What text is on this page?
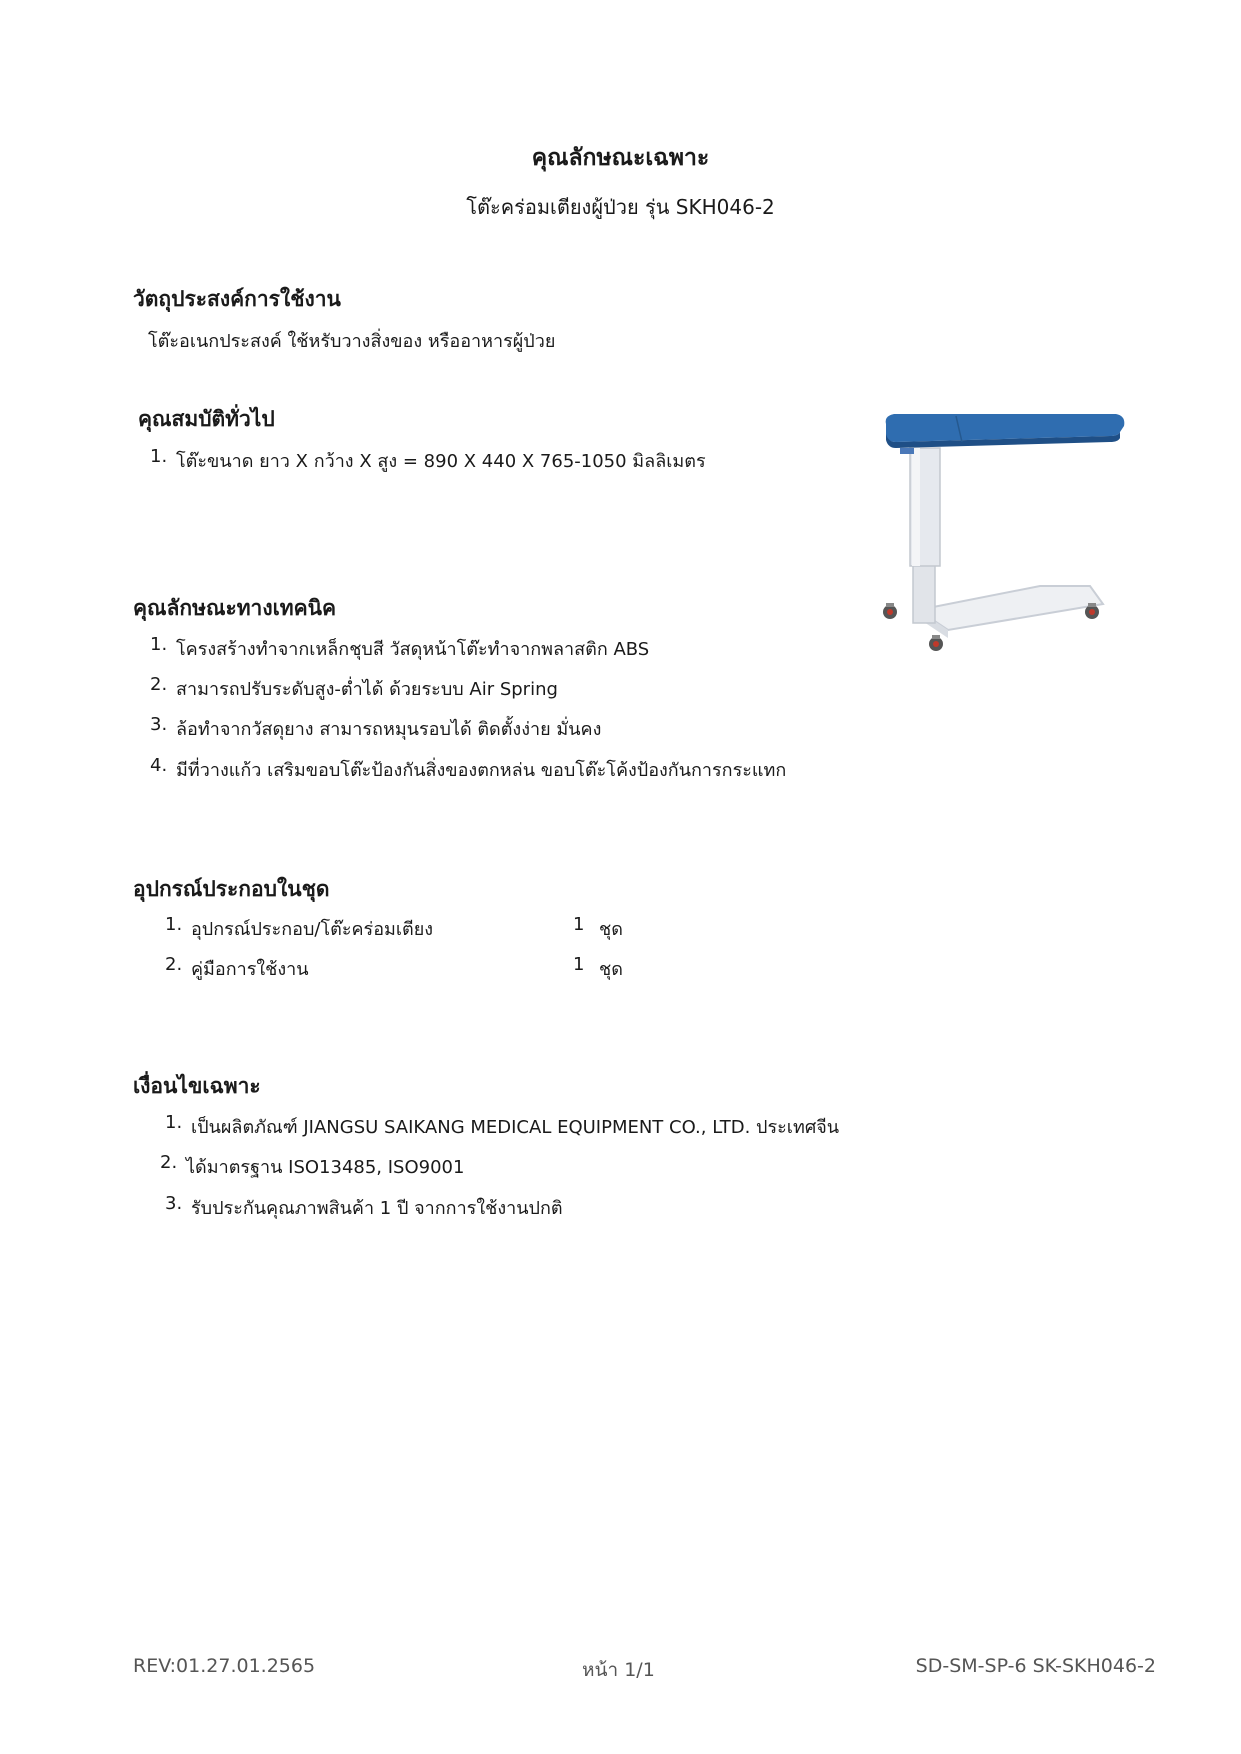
คุณลักษณะเฉพาะ
โต๊ะคร่อมเตียงผู้ป่วย รุ่น SKH046-2
วัตถุประสงค์การใช้งาน
โต๊ะอเนกประสงค์ ใช้หรับวางสิ่งของ หรืออาหารผู้ป่วย
คุณสมบัติทั่วไป
1. โต๊ะขนาด ยาว X กว้าง X สูง = 890 X 440 X 765-1050 มิลลิเมตร
คุณลักษณะทางเทคนิค
1. โครงสร้างทำจากเหล็กชุบสี วัสดุหน้าโต๊ะทำจากพลาสติก ABS
2. สามารถปรับระดับสูง-ต่ำได้ ด้วยระบบ Air Spring
3. ล้อทำจากวัสดุยาง สามารถหมุนรอบได้ ติดตั้งง่าย มั่นคง
4. มีที่วางแก้ว เสริมขอบโต๊ะป้องกันสิ่งของตกหล่น ขอบโต๊ะโค้งป้องกันการกระแทก
อุปกรณ์ประกอบในชุด
1. อุปกรณ์ประกอบ/โต๊ะคร่อมเตียง	1 ชุด
2. คู่มือการใช้งาน	1 ชุด
เงื่อนไขเฉพาะ
1. เป็นผลิตภัณฑ์ JIANGSU SAIKANG MEDICAL EQUIPMENT CO., LTD. ประเทศจีน
2. ได้มาตรฐาน ISO13485, ISO9001
3. รับประกันคุณภาพสินค้า 1 ปี จากการใช้งานปกติ
REV:01.27.01.2565	หน้า 1/1	SD-SM-SP-6 SK-SKH046-2
